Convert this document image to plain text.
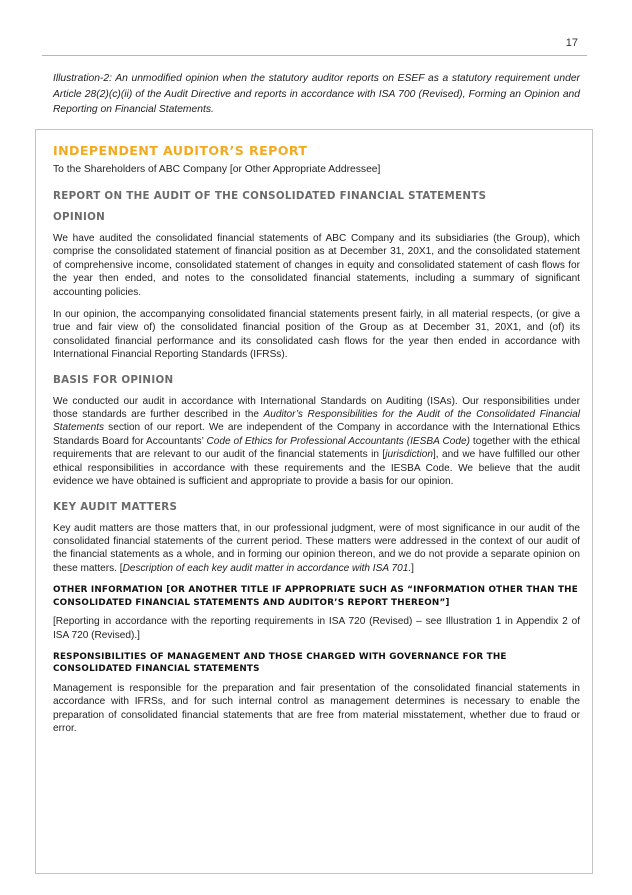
17

Illustration-2: An unmodified opinion when the statutory auditor reports on ESEF as a statutory requirement under Article 28(2)(c)(ii) of the Audit Directive and reports in accordance with ISA 700 (Revised), Forming an Opinion and Reporting on Financial Statements.

INDEPENDENT AUDITOR’S REPORT

To the Shareholders of ABC Company [or Other Appropriate Addressee]

REPORT ON THE AUDIT OF THE CONSOLIDATED FINANCIAL STATEMENTS
OPINION

We have audited the consolidated financial statements of ABC Company and its subsidiaries (the Group), which comprise the consolidated statement of financial position as at December 31, 20X1, and the consolidated statement of comprehensive income, consolidated statement of changes in equity and consolidated statement of cash flows for the year then ended, and notes to the consolidated financial statements, including a summary of significant accounting policies.

In our opinion, the accompanying consolidated financial statements present fairly, in all material respects, (or give a true and fair view of) the consolidated financial position of the Group as at December 31, 20X1, and (of) its consolidated financial performance and its consolidated cash flows for the year then ended in accordance with International Financial Reporting Standards (IFRSs).

BASIS FOR OPINION

We conducted our audit in accordance with International Standards on Auditing (ISAs). Our responsibilities under those standards are further described in the Auditor’s Responsibilities for the Audit of the Consolidated Financial Statements section of our report. We are independent of the Company in accordance with the International Ethics Standards Board for Accountants’ Code of Ethics for Professional Accountants (IESBA Code) together with the ethical requirements that are relevant to our audit of the financial statements in [jurisdiction], and we have fulfilled our other ethical responsibilities in accordance with these requirements and the IESBA Code. We believe that the audit evidence we have obtained is sufficient and appropriate to provide a basis for our opinion.

KEY AUDIT MATTERS

Key audit matters are those matters that, in our professional judgment, were of most significance in our audit of the consolidated financial statements of the current period. These matters were addressed in the context of our audit of the financial statements as a whole, and in forming our opinion thereon, and we do not provide a separate opinion on these matters. [Description of each key audit matter in accordance with ISA 701.]

OTHER INFORMATION [OR ANOTHER TITLE IF APPROPRIATE SUCH AS “INFORMATION OTHER THAN THE CONSOLIDATED FINANCIAL STATEMENTS AND AUDITOR’S REPORT THEREON”]

[Reporting in accordance with the reporting requirements in ISA 720 (Revised) – see Illustration 1 in Appendix 2 of ISA 720 (Revised).]

RESPONSIBILITIES OF MANAGEMENT AND THOSE CHARGED WITH GOVERNANCE FOR THE CONSOLIDATED FINANCIAL STATEMENTS

Management is responsible for the preparation and fair presentation of the consolidated financial statements in accordance with IFRSs, and for such internal control as management determines is necessary to enable the preparation of consolidated financial statements that are free from material misstatement, whether due to fraud or error.
